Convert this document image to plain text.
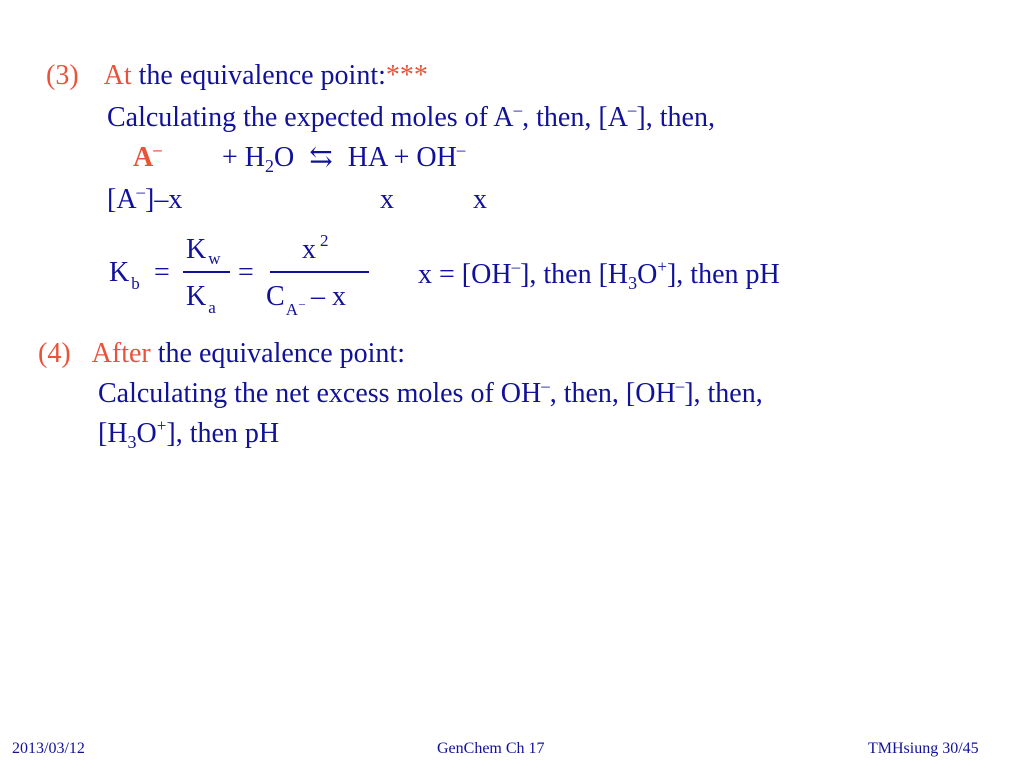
(3) At the equivalence point:***
Calculating the expected moles of A–, then, [A–], then,
$A^- + H_2O$ ⇆ HA + OH–
[A–]–x	x	x
K $_b$ =
K $_w$
K $_a$
=
x $^2$
$C_A-$ – x
x = [OH–], then $[H_3O^+]$, then pH
(4) After the equivalence point:
Calculating the net excess moles of OH–, then, [OH–], then,
$[H_3O^+]$, then pH
2013/03/12	GenChem Ch 17	TMHsiung 30/45
